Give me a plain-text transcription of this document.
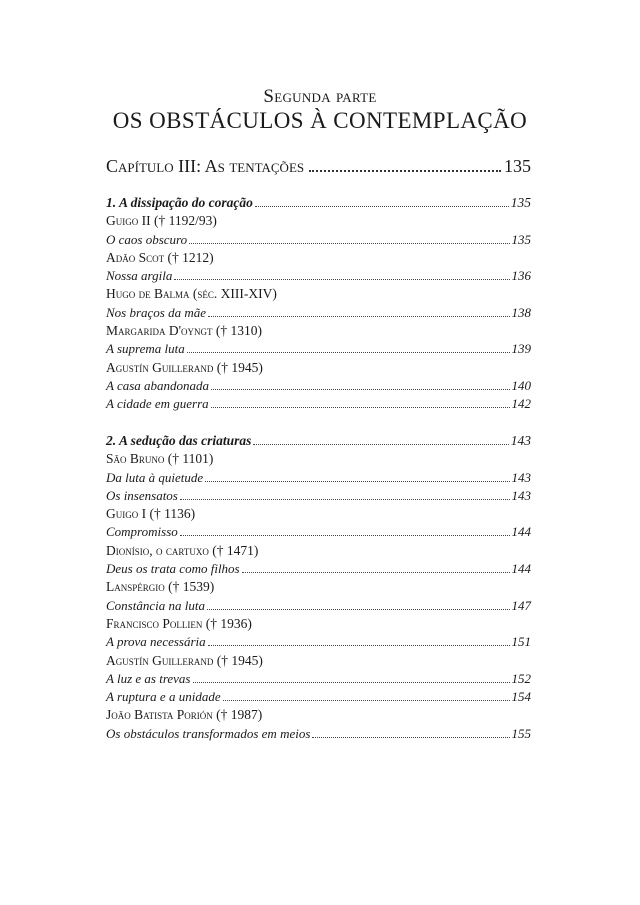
Segunda parte
OS OBSTÁCULOS À CONTEMPLAÇÃO
Capítulo III: As tentações	135
1. A dissipação do coração	135
Guigo II († 1192/93)
O caos obscuro	135
Adão Scot († 1212)
Nossa argila	136
Hugo de Balma (séc. XIII-XIV)
Nos braços da mãe	138
Margarida D'oyngt († 1310)
A suprema luta	139
Agustín Guillerand († 1945)
A casa abandonada	140
A cidade em guerra	142
2. A sedução das criaturas	143
São Bruno († 1101)
Da luta à quietude	143
Os insensatos	143
Guigo I († 1136)
Compromisso	144
Dionísio, o cartuxo († 1471)
Deus os trata como filhos	144
Lanspérgio († 1539)
Constância na luta	147
Francisco Pollien († 1936)
A prova necessária	151
Agustín Guillerand († 1945)
A luz e as trevas	152
A ruptura e a unidade	154
João Batista Porión († 1987)
Os obstáculos transformados em meios	155
